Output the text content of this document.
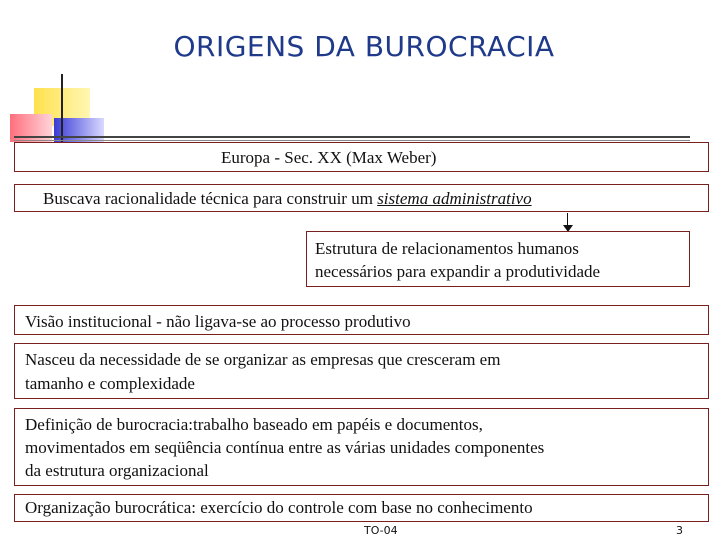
ORIGENS DA BUROCRACIA
Europa - Sec. XX (Max Weber)
Buscava racionalidade técnica para construir um sistema administrativo
Estrutura de relacionamentos humanos
necessários para expandir a produtividade
Visão institucional - não ligava-se ao processo produtivo
Nasceu da necessidade de se organizar as empresas que cresceram em
tamanho e complexidade
Definição de burocracia:trabalho baseado em papéis e documentos,
movimentados em seqüência contínua entre as várias unidades componentes
da estrutura organizacional
Organização burocrática: exercício do controle com base no conhecimento
TO-04	3
